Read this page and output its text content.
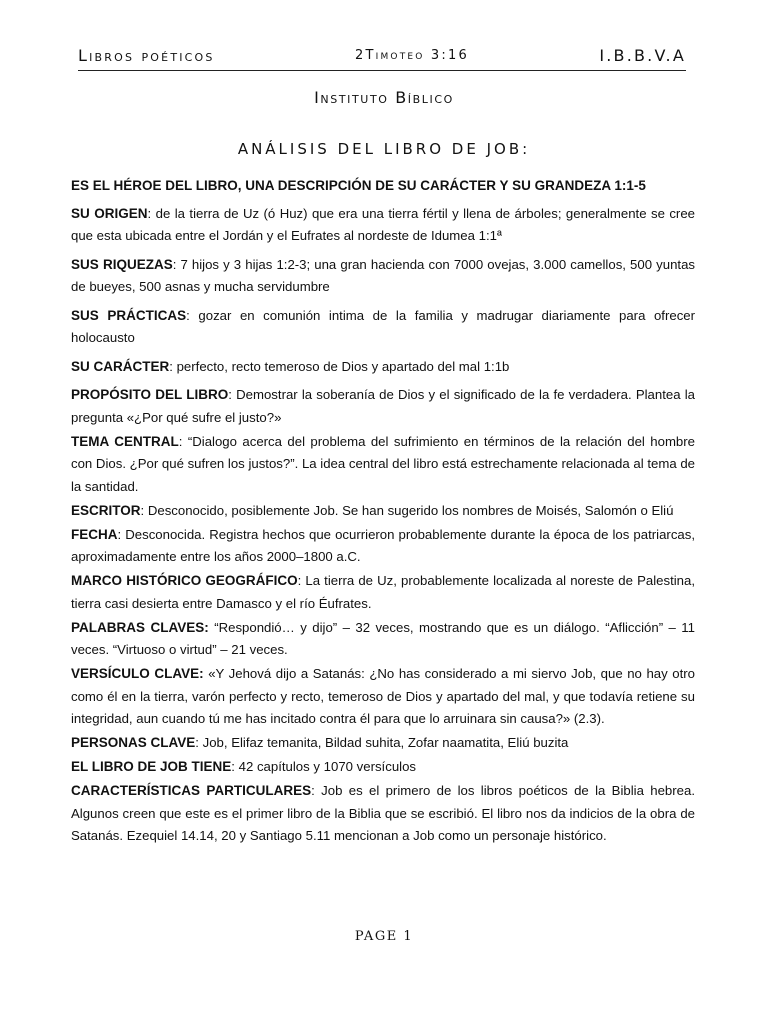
Libros poéticos	2Timoteo 3:16	I.B.B.V.A
Instituto Bíblico
ANÁLISIS DEL LIBRO DE JOB:

ES EL HÉROE DEL LIBRO, UNA DESCRIPCIÓN DE SU CARÁCTER Y SU GRANDEZA 1:1-5

SU ORIGEN: de la tierra de Uz (ó Huz) que era una tierra fértil y llena de árboles; generalmente se cree que esta ubicada entre el Jordán y el Eufrates al nordeste de Idumea 1:1ª

SUS RIQUEZAS: 7 hijos y 3 hijas 1:2-3; una gran hacienda con 7000 ovejas, 3.000 camellos, 500 yuntas de bueyes, 500 asnas y mucha servidumbre

SUS PRÁCTICAS: gozar en comunión intima de la familia y madrugar diariamente para ofrecer holocausto

SU CARÁCTER: perfecto, recto temeroso de Dios y apartado del mal 1:1b

PROPÓSITO DEL LIBRO: Demostrar la soberanía de Dios y el significado de la fe verdadera. Plantea la pregunta «¿Por qué sufre el justo?»

TEMA CENTRAL: “Dialogo acerca del problema del sufrimiento en términos de la relación del hombre con Dios. ¿Por qué sufren los justos?”. La idea central del libro está estrechamente relacionada al tema de la santidad.

ESCRITOR: Desconocido, posiblemente Job. Se han sugerido los nombres de Moisés, Salomón o Eliú

FECHA: Desconocida. Registra hechos que ocurrieron probablemente durante la época de los patriarcas, aproximadamente entre los años 2000–1800 a.C.

MARCO HISTÓRICO GEOGRÁFICO: La tierra de Uz, probablemente localizada al noreste de Palestina, tierra casi desierta entre Damasco y el río Éufrates.

PALABRAS CLAVES: “Respondió… y dijo” – 32 veces, mostrando que es un diálogo. “Aflicción” – 11 veces. “Virtuoso o virtud” – 21 veces.

VERSÍCULO CLAVE: «Y Jehová dijo a Satanás: ¿No has considerado a mi siervo Job, que no hay otro como él en la tierra, varón perfecto y recto, temeroso de Dios y apartado del mal, y que todavía retiene su integridad, aun cuando tú me has incitado contra él para que lo arruinara sin causa?» (2.3).

PERSONAS CLAVE: Job, Elifaz temanita, Bildad suhita, Zofar naamatita, Eliú buzita

EL LIBRO DE JOB TIENE: 42 capítulos y 1070 versículos

CARACTERÍSTICAS PARTICULARES: Job es el primero de los libros poéticos de la Biblia hebrea. Algunos creen que este es el primer libro de la Biblia que se escribió. El libro nos da indicios de la obra de Satanás. Ezequiel 14.14, 20 y Santiago 5.11 mencionan a Job como un personaje histórico.

PAGE 1
